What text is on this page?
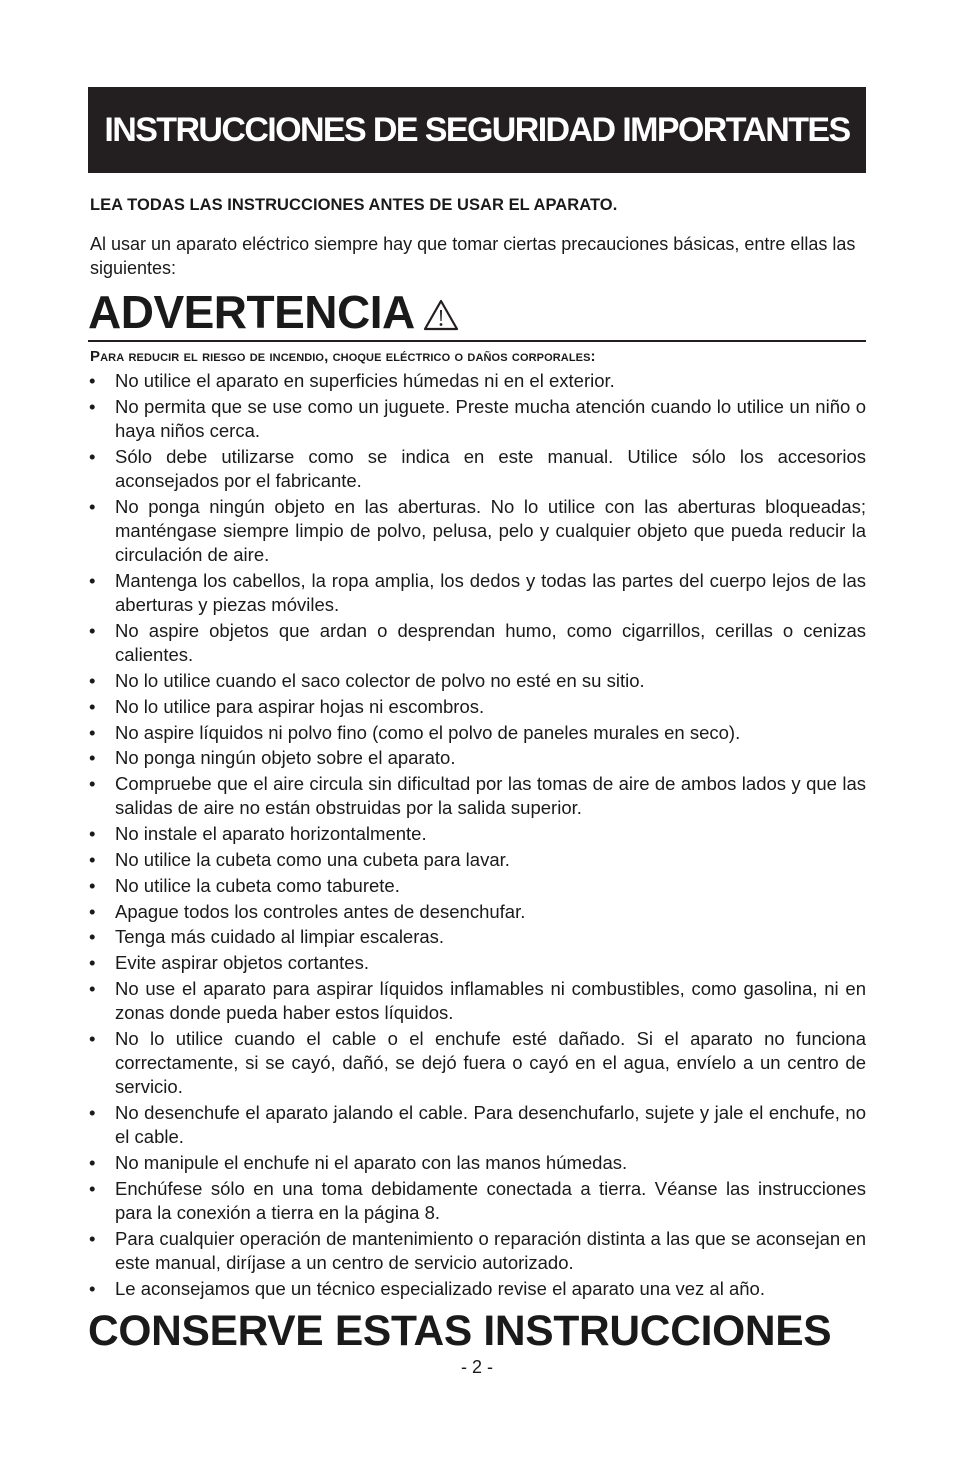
INSTRUCCIONES DE SEGURIDAD IMPORTANTES
LEA TODAS LAS INSTRUCCIONES ANTES DE USAR EL APARATO.
Al usar un aparato eléctrico siempre hay que tomar ciertas precauciones básicas, entre ellas las siguientes:
ADVERTENCIA
Para reducir el riesgo de incendio, choque eléctrico o daños corporales:
• No utilice el aparato en superficies húmedas ni en el exterior.
• No permita que se use como un juguete. Preste mucha atención cuando lo utilice un niño o haya niños cerca.
• Sólo debe utilizarse como se indica en este manual. Utilice sólo los accesorios aconsejados por el fabricante.
• No ponga ningún objeto en las aberturas. No lo utilice con las aberturas bloqueadas; manténgase siempre limpio de polvo, pelusa, pelo y cualquier objeto que pueda reducir la circulación de aire.
• Mantenga los cabellos, la ropa amplia, los dedos y todas las partes del cuerpo lejos de las aberturas y piezas móviles.
• No aspire objetos que ardan o desprendan humo, como cigarrillos, cerillas o cenizas calientes.
• No lo utilice cuando el saco colector de polvo no esté en su sitio.
• No lo utilice para aspirar hojas ni escombros.
• No aspire líquidos ni polvo fino (como el polvo de paneles murales en seco).
• No ponga ningún objeto sobre el aparato.
• Compruebe que el aire circula sin dificultad por las tomas de aire de ambos lados y que las salidas de aire no están obstruidas por la salida superior.
• No instale el aparato horizontalmente.
• No utilice la cubeta como una cubeta para lavar.
• No utilice la cubeta como taburete.
• Apague todos los controles antes de desenchufar.
• Tenga más cuidado al limpiar escaleras.
• Evite aspirar objetos cortantes.
• No use el aparato para aspirar líquidos inflamables ni combustibles, como gasolina, ni en zonas donde pueda haber estos líquidos.
• No lo utilice cuando el cable o el enchufe esté dañado. Si el aparato no funciona correctamente, si se cayó, dañó, se dejó fuera o cayó en el agua, envíelo a un centro de servicio.
• No desenchufe el aparato jalando el cable. Para desenchufarlo, sujete y jale el enchufe, no el cable.
• No manipule el enchufe ni el aparato con las manos húmedas.
• Enchúfese sólo en una toma debidamente conectada a tierra. Véanse las instrucciones para la conexión a tierra en la página 8.
• Para cualquier operación de mantenimiento o reparación distinta a las que se aconsejan en este manual, diríjase a un centro de servicio autorizado.
• Le aconsejamos que un técnico especializado revise el aparato una vez al año.
CONSERVE ESTAS INSTRUCCIONES
- 2 -
